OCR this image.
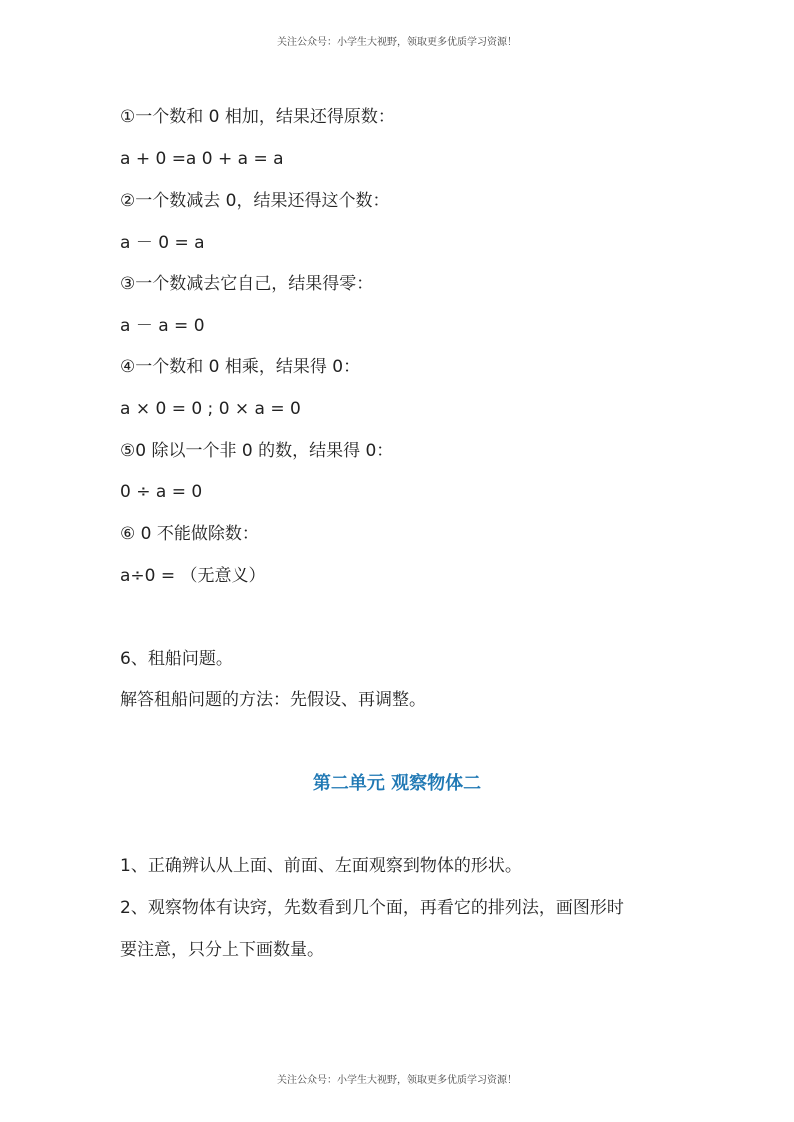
关注公众号：小学生大视野，领取更多优质学习资源！
①一个数和 0 相加，结果还得原数：
a + 0 =a 0 + a = a
②一个数减去 0，结果还得这个数：
a － 0 = a
③一个数减去它自己，结果得零：
a － a = 0
④一个数和 0 相乘，结果得 0：
a × 0 = 0 ; 0 × a = 0
⑤0 除以一个非 0 的数，结果得 0：
0 ÷ a = 0
⑥ 0 不能做除数：
a÷0 = （无意义）
6、租船问题。
解答租船问题的方法：先假设、再调整。
第二单元 观察物体二
1、正确辨认从上面、前面、左面观察到物体的形状。
2、观察物体有诀窍，先数看到几个面，再看它的排列法，画图形时
要注意，只分上下画数量。
关注公众号：小学生大视野，领取更多优质学习资源！
